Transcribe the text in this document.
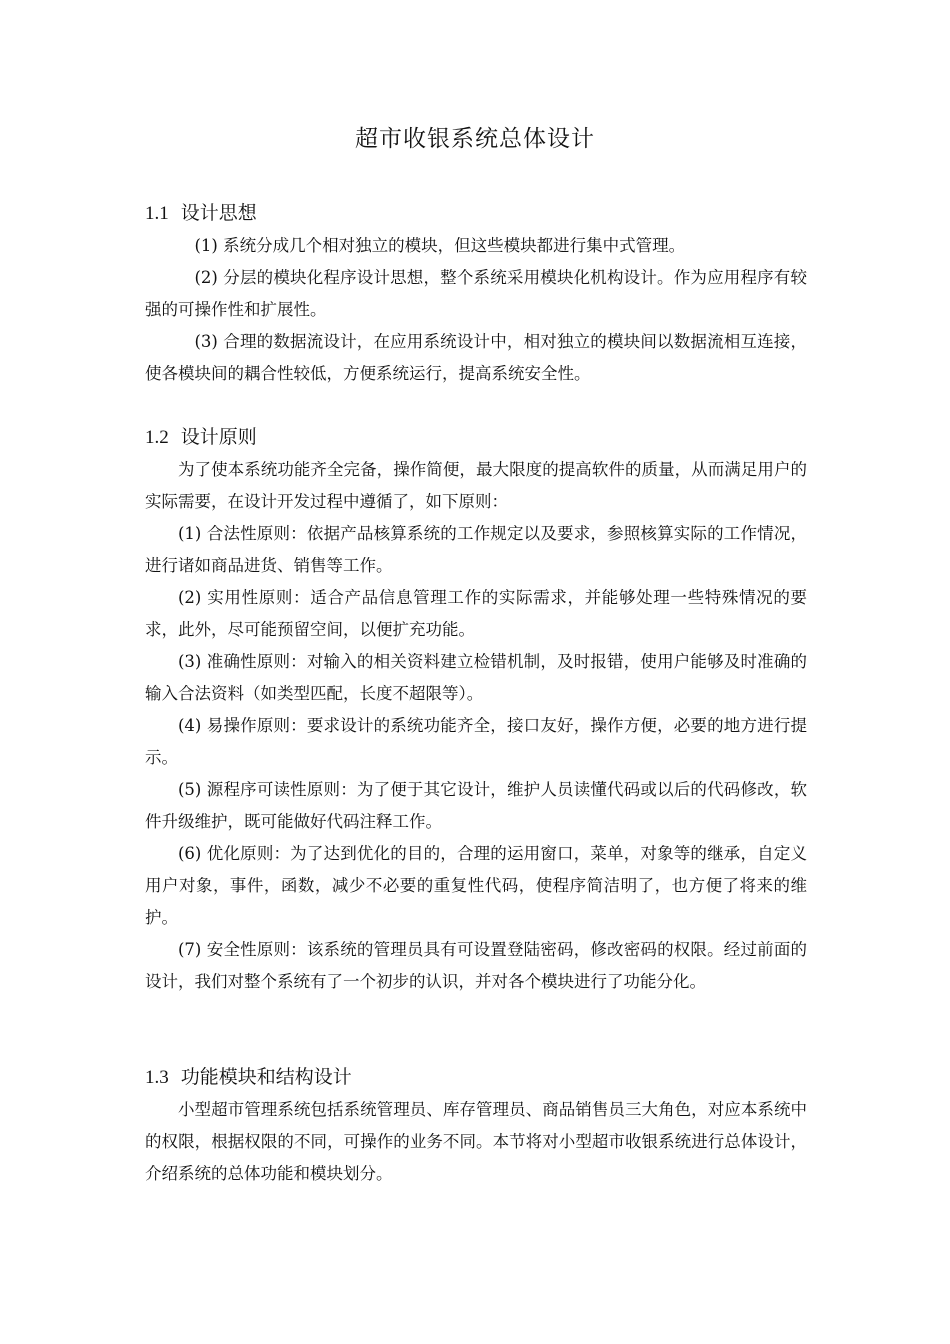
超市收银系统总体设计
1.1 设计思想

(1) 系统分成几个相对独立的模块，但这些模块都进行集中式管理。

(2) 分层的模块化程序设计思想，整个系统采用模块化机构设计。作为应用程序有较强的可操作性和扩展性。

(3) 合理的数据流设计，在应用系统设计中，相对独立的模块间以数据流相互连接，使各模块间的耦合性较低，方便系统运行，提高系统安全性。

1.2 设计原则

为了使本系统功能齐全完备，操作简便，最大限度的提高软件的质量，从而满足用户的实际需要，在设计开发过程中遵循了，如下原则：

(1) 合法性原则：依据产品核算系统的工作规定以及要求，参照核算实际的工作情况，进行诸如商品进货、销售等工作。

(2) 实用性原则：适合产品信息管理工作的实际需求，并能够处理一些特殊情况的要求，此外，尽可能预留空间，以便扩充功能。

(3) 准确性原则：对输入的相关资料建立检错机制，及时报错，使用户能够及时准确的输入合法资料（如类型匹配，长度不超限等）。

(4) 易操作原则：要求设计的系统功能齐全，接口友好，操作方便，必要的地方进行提示。

(5) 源程序可读性原则：为了便于其它设计，维护人员读懂代码或以后的代码修改，软件升级维护，既可能做好代码注释工作。

(6) 优化原则：为了达到优化的目的，合理的运用窗口，菜单，对象等的继承，自定义用户对象，事件，函数，减少不必要的重复性代码，使程序简洁明了，也方便了将来的维护。

(7) 安全性原则：该系统的管理员具有可设置登陆密码，修改密码的权限。经过前面的设计，我们对整个系统有了一个初步的认识，并对各个模块进行了功能分化。

1.3 功能模块和结构设计

小型超市管理系统包括系统管理员、库存管理员、商品销售员三大角色，对应本系统中的权限，根据权限的不同，可操作的业务不同。本节将对小型超市收银系统进行总体设计，介绍系统的总体功能和模块划分。
